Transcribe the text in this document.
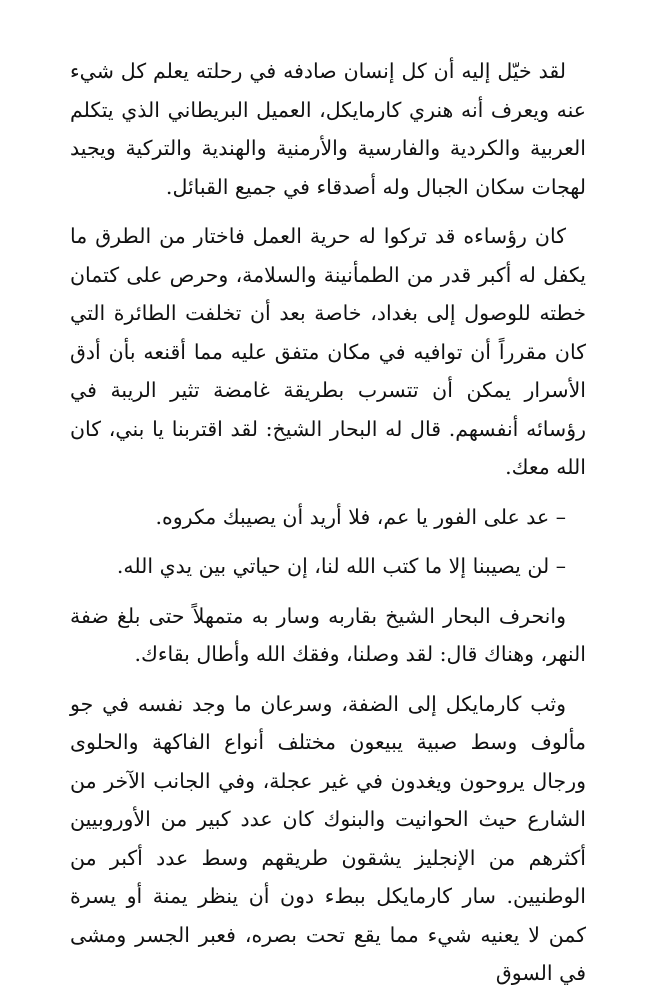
لقد خيّل إليه أن كل إنسان صادفه في رحلته يعلم كل شيء عنه ويعرف أنه هنري كارمايكل، العميل البريطاني الذي يتكلم العربية والكردية والفارسية والأرمنية والهندية والتركية ويجيد لهجات سكان الجبال وله أصدقاء في جميع القبائل.

كان رؤساءه قد تركوا له حرية العمل فاختار من الطرق ما يكفل له أكبر قدر من الطمأنينة والسلامة، وحرص على كتمان خطته للوصول إلى بغداد، خاصة بعد أن تخلفت الطائرة التي كان مقرراً أن توافيه في مكان متفق عليه مما أقنعه بأن أدق الأسرار يمكن أن تتسرب بطريقة غامضة تثير الريبة في رؤسائه أنفسهم. قال له البحار الشيخ: لقد اقتربنا يا بني، كان الله معك.

– عد على الفور يا عم، فلا أريد أن يصيبك مكروه.

– لن يصيبنا إلا ما كتب الله لنا، إن حياتي بين يدي الله.

وانحرف البحار الشيخ بقاربه وسار به متمهلاً حتى بلغ ضفة النهر، وهناك قال: لقد وصلنا، وفقك الله وأطال بقاءك.

وثب كارمايكل إلى الضفة، وسرعان ما وجد نفسه في جو مألوف وسط صبية يبيعون مختلف أنواع الفاكهة والحلوى ورجال يروحون ويغدون في غير عجلة، وفي الجانب الآخر من الشارع حيث الحوانيت والبنوك كان عدد كبير من الأوروبيين أكثرهم من الإنجليز يشقون طريقهم وسط عدد أكبر من الوطنيين. سار كارمايكل ببطء دون أن ينظر يمنة أو يسرة كمن لا يعنيه شيء مما يقع تحت بصره، فعبر الجسر ومشى في السوق
